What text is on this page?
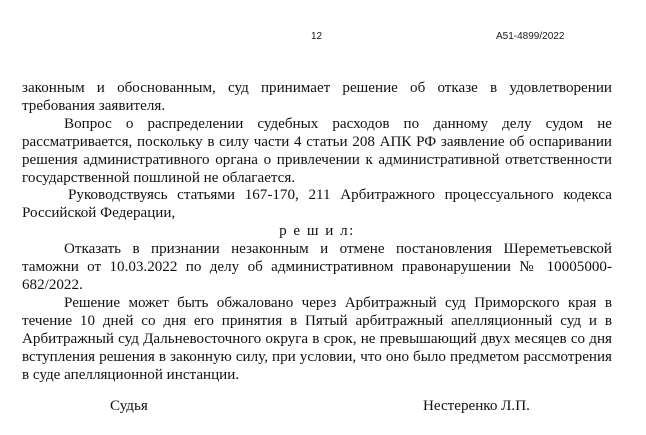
12	А51-4899/2022

законным и обоснованным, суд принимает решение об отказе в удовлетворении требования заявителя.

Вопрос о распределении судебных расходов по данному делу судом не рассматривается, поскольку в силу части 4 статьи 208 АПК РФ заявление об оспаривании решения административного органа о привлечении к административной ответственности государственной пошлиной не облагается.

Руководствуясь статьями 167-170, 211 Арбитражного процессуального кодекса Российской Федерации,

р е ш и л:

Отказать в признании незаконным и отмене постановления Шереметьевской таможни от 10.03.2022 по делу об административном правонарушении № 10005000-682/2022.

Решение может быть обжаловано через Арбитражный суд Приморского края в течение 10 дней со дня его принятия в Пятый арбитражный апелляционный суд и в Арбитражный суд Дальневосточного округа в срок, не превышающий двух месяцев со дня вступления решения в законную силу, при условии, что оно было предметом рассмотрения в суде апелляционной инстанции.

Судья	Нестеренко Л.П.
